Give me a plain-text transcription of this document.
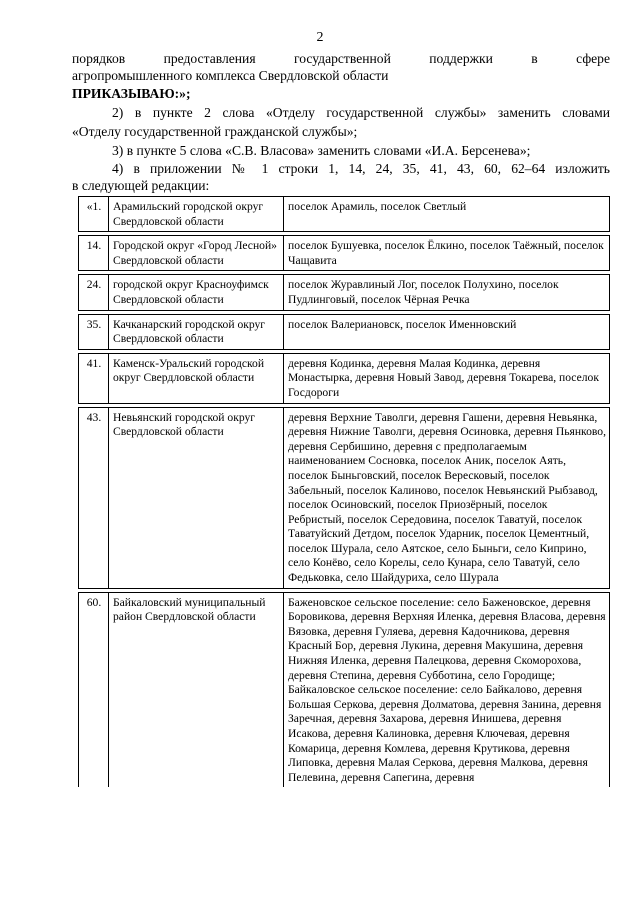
2
порядков предоставления государственной поддержки в сфере
агропромышленного комплекса Свердловской области
ПРИКАЗЫВАЮ:»;
2) в пункте 2 слова «Отделу государственной службы» заменить словами
«Отделу государственной гражданской службы»;
3) в пункте 5 слова «С.В. Власова» заменить словами «И.А. Берсенева»;
4) в приложении № 1 строки 1, 14, 24, 35, 41, 43, 60, 62–64 изложить
в следующей редакции:
«1.	Арамильский городской округ Свердловской области	поселок Арамиль, поселок Светлый

14.	Городской округ «Город Лесной» Свердловской области	поселок Бушуевка, поселок Ёлкино, поселок Таёжный, поселок Чащавита

24.	городской округ Красноуфимск Свердловской области	поселок Журавлиный Лог, поселок Полухино, поселок Пудлинговый, поселок Чёрная Речка

35.	Качканарский городской округ Свердловской области	поселок Валериановск, поселок Именновский

41.	Каменск-Уральский городской округ Свердловской области	деревня Кодинка, деревня Малая Кодинка, деревня Монастырка, деревня Новый Завод, деревня Токарева, поселок Госдороги

43.	Невьянский городской округ Свердловской области	деревня Верхние Таволги, деревня Гашени, деревня Невьянка, деревня Нижние Таволги, деревня Осиновка, деревня Пьянково, деревня Сербишино, деревня с предполагаемым наименованием Сосновка, поселок Аник, поселок Аять, поселок Быньговский, поселок Вересковый, поселок Забельный, поселок Калиново, поселок Невьянский Рыбзавод, поселок Осиновский, поселок Приозёрный, поселок Ребристый, поселок Середовина, поселок Таватуй, поселок Таватуйский Детдом, поселок Ударник, поселок Цементный, поселок Шурала, село Аятское, село Быньги, село Киприно, село Конёво, село Корелы, село Кунара, село Таватуй, село Федьковка, село Шайдуриха, село Шурала

60.	Байкаловский муниципальный район Свердловской области	Баженовское сельское поселение: село Баженовское, деревня Боровикова, деревня Верхняя Иленка, деревня Власова, деревня Вязовка, деревня Гуляева, деревня Кадочникова, деревня Красный Бор, деревня Лукина, деревня Макушина, деревня Нижняя Иленка, деревня Палецкова, деревня Скоморохова, деревня Степина, деревня Субботина, село Городище;
Байкаловское сельское поселение: село Байкалово, деревня Большая Серкова, деревня Долматова, деревня Занина, деревня Заречная, деревня Захарова, деревня Инишева, деревня Исакова, деревня Калиновка, деревня Ключевая, деревня Комарица, деревня Комлева, деревня Крутикова, деревня Липовка, деревня Малая Серкова, деревня Малкова, деревня Пелевина, деревня Сапегина, деревня
